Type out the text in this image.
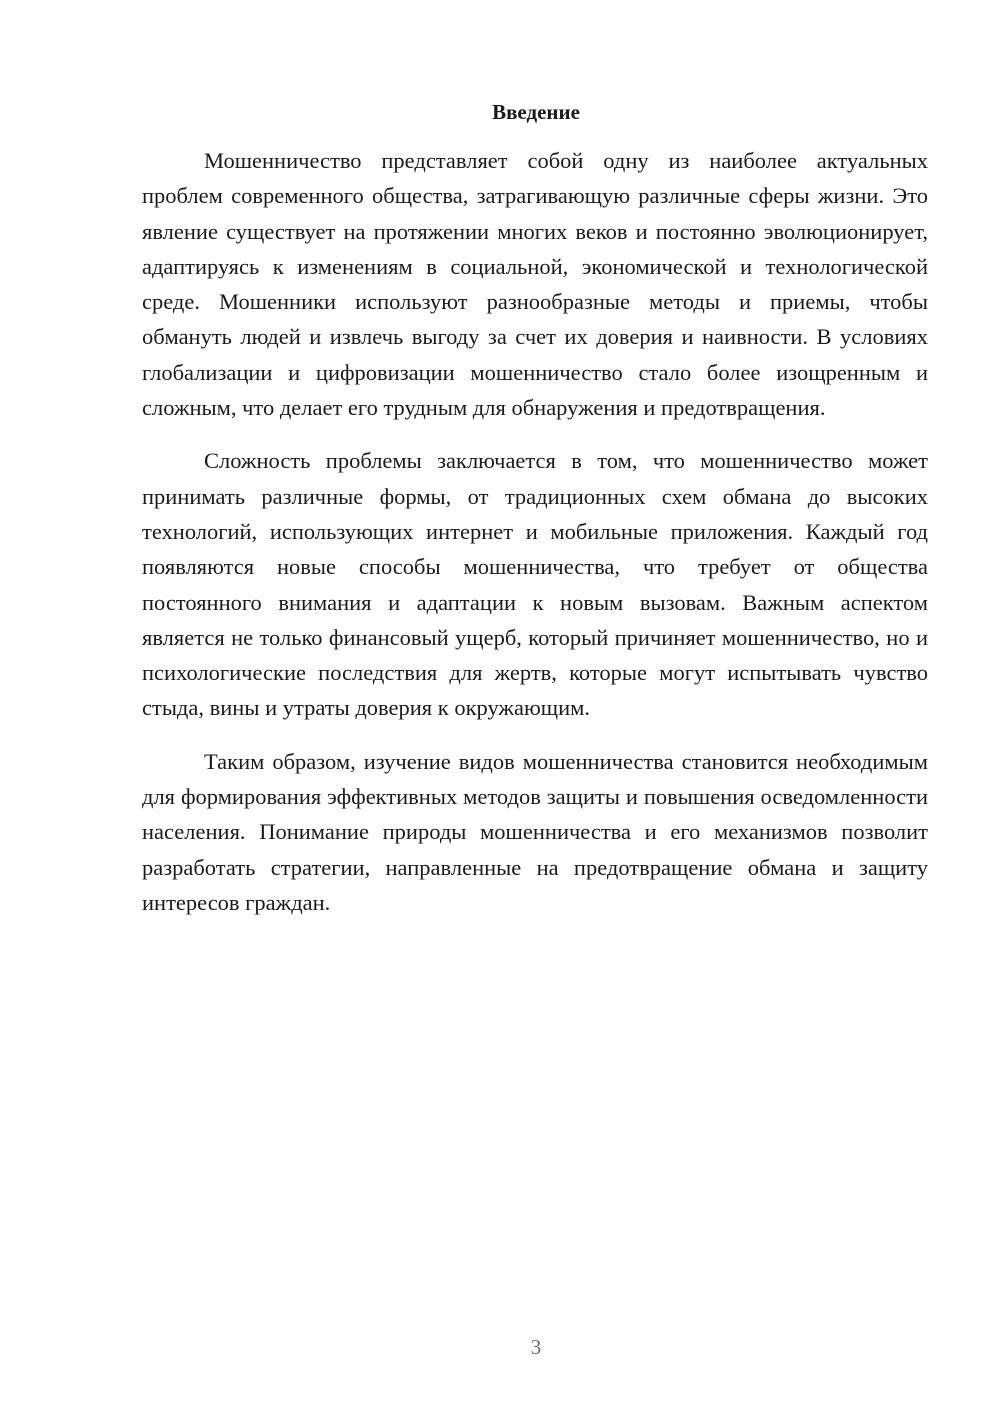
Введение

Мошенничество представляет собой одну из наиболее актуальных проблем современного общества, затрагивающую различные сферы жизни. Это явление существует на протяжении многих веков и постоянно эволюционирует, адаптируясь к изменениям в социальной, экономической и технологической среде. Мошенники используют разнообразные методы и приемы, чтобы обмануть людей и извлечь выгоду за счет их доверия и наивности. В условиях глобализации и цифровизации мошенничество стало более изощренным и сложным, что делает его трудным для обнаружения и предотвращения.

Сложность проблемы заключается в том, что мошенничество может принимать различные формы, от традиционных схем обмана до высоких технологий, использующих интернет и мобильные приложения. Каждый год появляются новые способы мошенничества, что требует от общества постоянного внимания и адаптации к новым вызовам. Важным аспектом является не только финансовый ущерб, который причиняет мошенничество, но и психологические последствия для жертв, которые могут испытывать чувство стыда, вины и утраты доверия к окружающим.

Таким образом, изучение видов мошенничества становится необходимым для формирования эффективных методов защиты и повышения осведомленности населения. Понимание природы мошенничества и его механизмов позволит разработать стратегии, направленные на предотвращение обмана и защиту интересов граждан.

3
